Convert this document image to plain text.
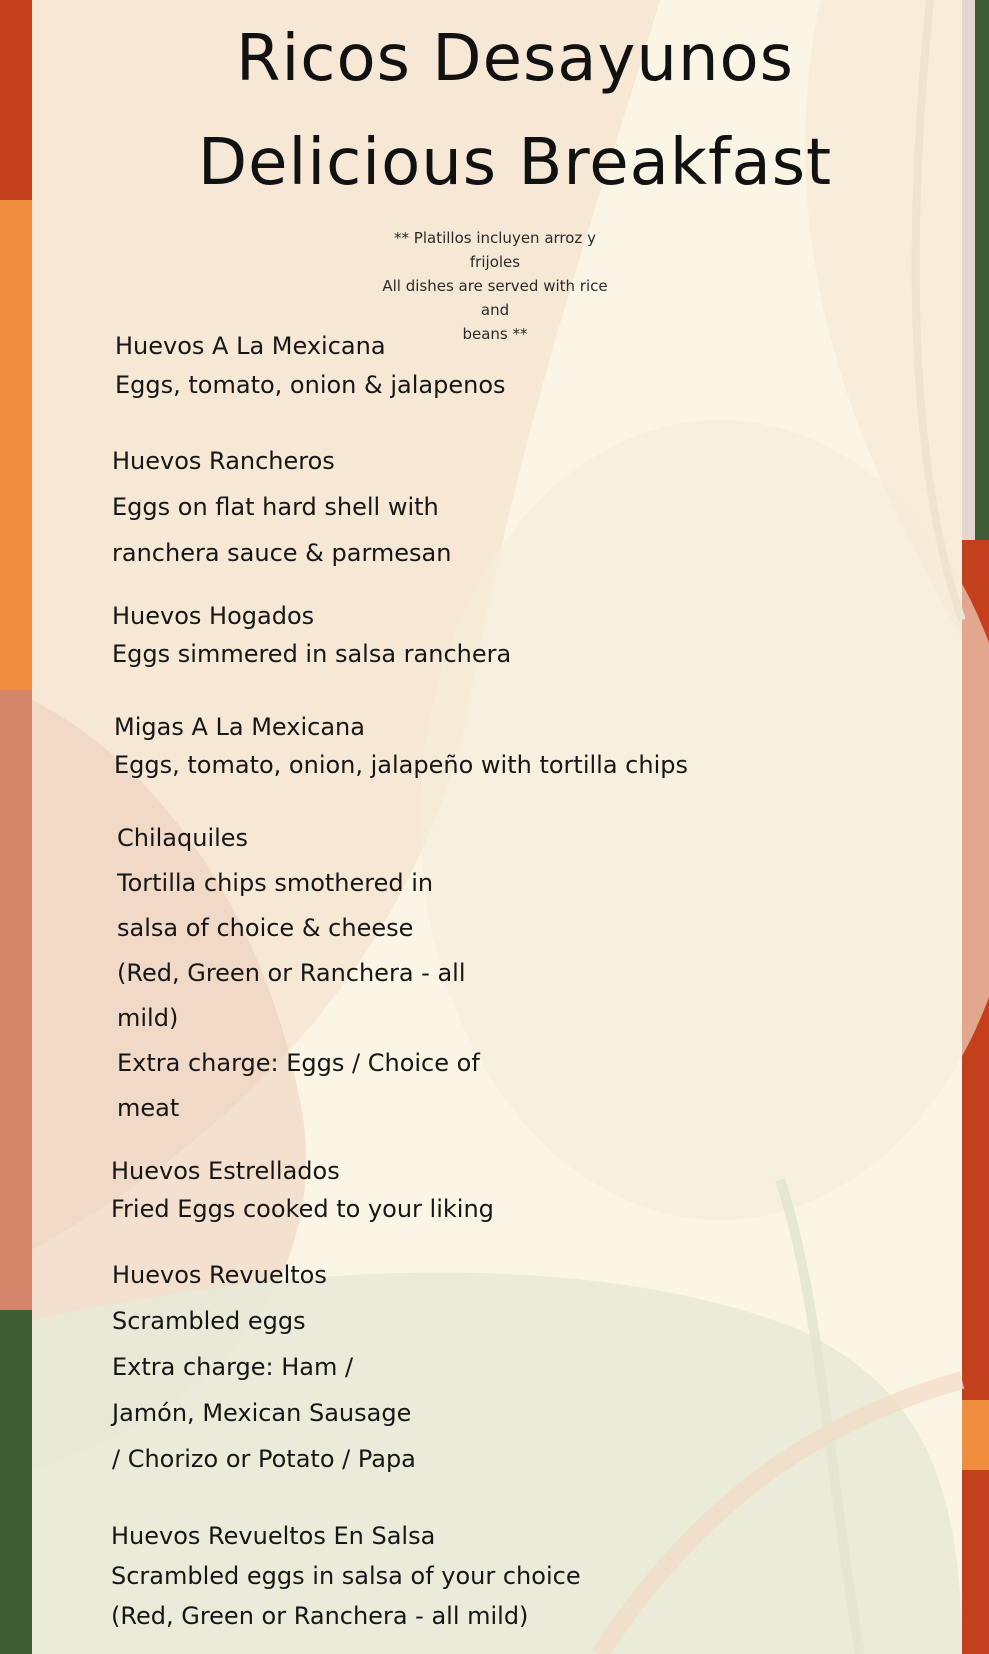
Ricos Desayunos
Delicious Breakfast
** Platillos incluyen arroz y frijoles
All dishes are served with rice and
beans **
Huevos A La Mexicana
Eggs, tomato, onion & jalapenos
Huevos Rancheros
Eggs on flat hard shell with
ranchera sauce & parmesan
Huevos Hogados
Eggs simmered in salsa ranchera
Migas A La Mexicana
Eggs, tomato, onion, jalapeño with tortilla chips
Chilaquiles
Tortilla chips smothered in
salsa of choice & cheese
(Red, Green or Ranchera - all
mild)
Extra charge: Eggs / Choice of
meat
Huevos Estrellados
Fried Eggs cooked to your liking
Huevos Revueltos
Scrambled eggs
Extra charge: Ham /
Jamón, Mexican Sausage
/ Chorizo or Potato / Papa
Huevos Revueltos En Salsa
Scrambled eggs in salsa of your choice
(Red, Green or Ranchera - all mild)
